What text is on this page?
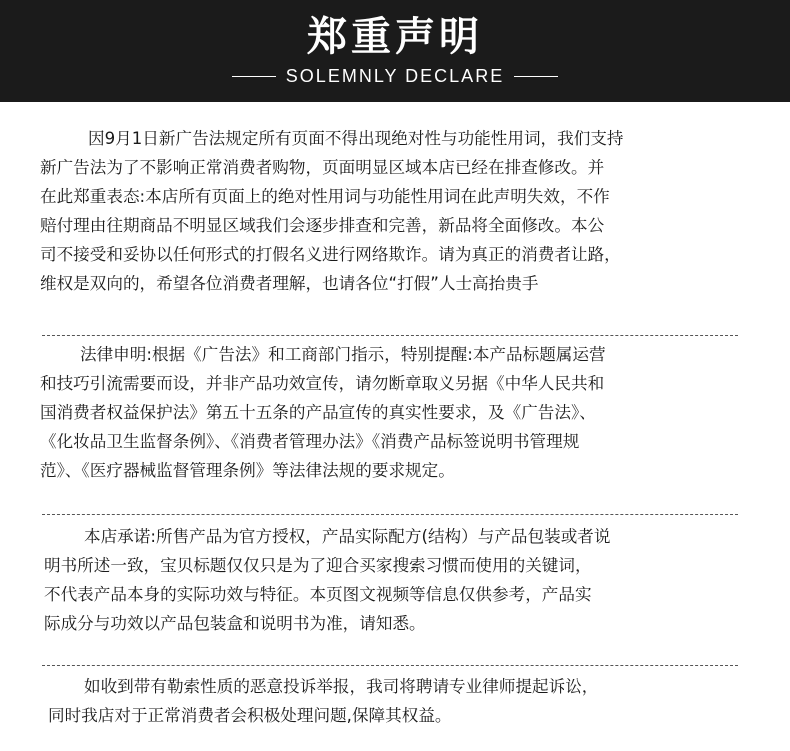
郑重声明
SOLEMNLY DECLARE
因9月1日新广告法规定所有页面不得出现绝对性与功能性用词，我们支持
新广告法为了不影响正常消费者购物，页面明显区域本店已经在排查修改。并
在此郑重表态:本店所有页面上的绝对性用词与功能性用词在此声明失效，不作
赔付理由往期商品不明显区域我们会逐步排查和完善，新品将全面修改。本公
司不接受和妥协以任何形式的打假名义进行网络欺诈。请为真正的消费者让路，
维权是双向的，希望各位消费者理解，也请各位“打假”人士高抬贵手
法律申明:根据《广告法》和工商部门指示，特别提醒:本产品标题属运营
和技巧引流需要而设，并非产品功效宣传，请勿断章取义另据《中华人民共和
国消费者权益保护法》第五十五条的产品宣传的真实性要求，及《广告法》、
《化妆品卫生监督条例》、《消费者管理办法》《消费产品标签说明书管理规
范》、《医疗器械监督管理条例》等法律法规的要求规定。
本店承诺:所售产品为官方授权，产品实际配方(结构）与产品包装或者说
明书所述一致，宝贝标题仅仅只是为了迎合买家搜索习惯而使用的关键词，
不代表产品本身的实际功效与特征。本页图文视频等信息仅供参考，产品实
际成分与功效以产品包装盒和说明书为准，请知悉。
如收到带有勒索性质的恶意投诉举报，我司将聘请专业律师提起诉讼，
同时我店对于正常消费者会积极处理问题,保障其权益。
